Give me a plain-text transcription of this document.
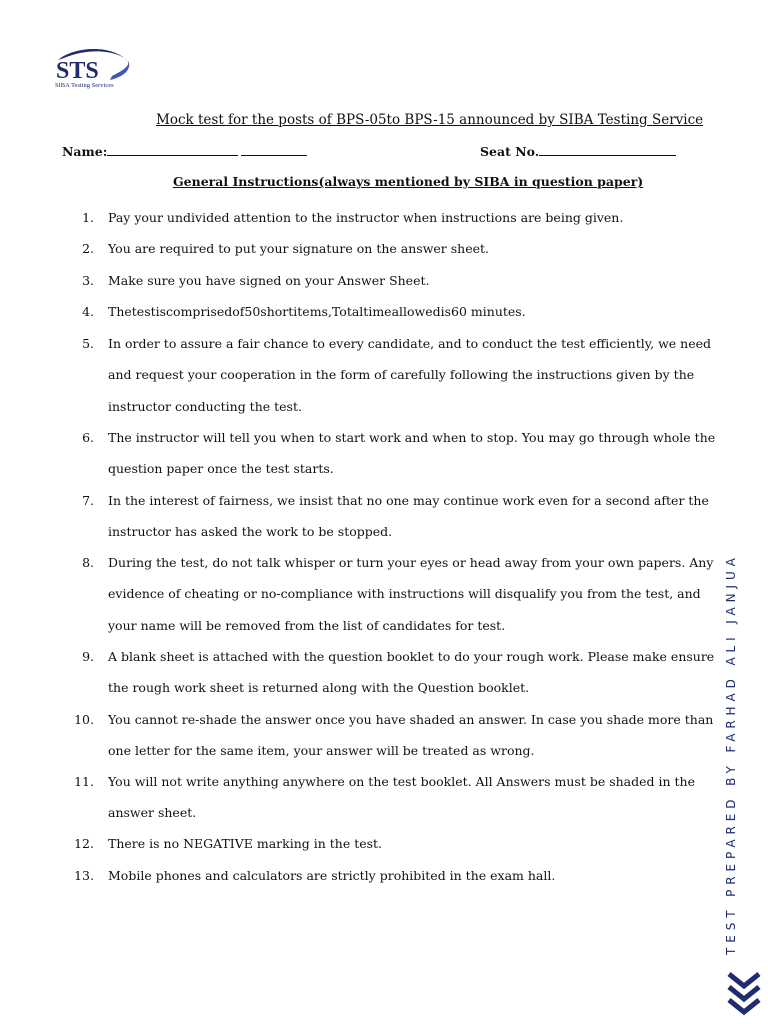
STS
SIBA Testing Services
Mock test for the posts of BPS-05to BPS-15 announced by SIBA Testing Service
Name:	Seat No.
General Instructions(always mentioned by SIBA in question paper)
1. Pay your undivided attention to the instructor when instructions are being given.
2. You are required to put your signature on the answer sheet.
3. Make sure you have signed on your Answer Sheet.
4. Thetestiscomprisedof50shortitems,Totaltimeallowedis60 minutes.
5. In order to assure a fair chance to every candidate, and to conduct the test efficiently, we need and request your cooperation in the form of carefully following the instructions given by the instructor conducting the test.
6. The instructor will tell you when to start work and when to stop. You may go through whole the question paper once the test starts.
7. In the interest of fairness, we insist that no one may continue work even for a second after the instructor has asked the work to be stopped.
8. During the test, do not talk whisper or turn your eyes or head away from your own papers. Any evidence of cheating or no-compliance with instructions will disqualify you from the test, and your name will be removed from the list of candidates for test.
9. A blank sheet is attached with the question booklet to do your rough work. Please make ensure the rough work sheet is returned along with the Question booklet.
10. You cannot re-shade the answer once you have shaded an answer. In case you shade more than one letter for the same item, your answer will be treated as wrong.
11. You will not write anything anywhere on the test booklet. All Answers must be shaded in the answer sheet.
12. There is no NEGATIVE marking in the test.
13. Mobile phones and calculators are strictly prohibited in the exam hall.	TEST PREPARED BY FARHAD ALI JANJUA
